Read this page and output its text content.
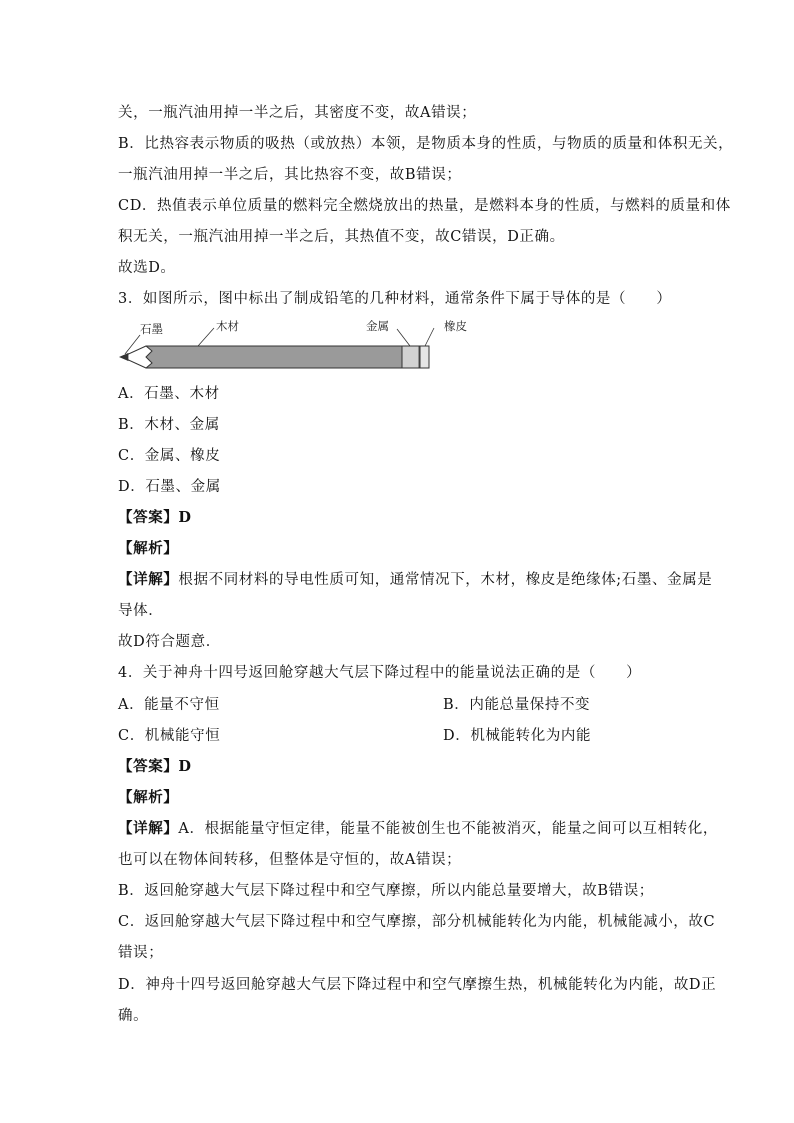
关，一瓶汽油用掉一半之后，其密度不变，故A错误；
B．比热容表示物质的吸热（或放热）本领，是物质本身的性质，与物质的质量和体积无关，
一瓶汽油用掉一半之后，其比热容不变，故B错误；
CD．热值表示单位质量的燃料完全燃烧放出的热量，是燃料本身的性质，与燃料的质量和体
积无关，一瓶汽油用掉一半之后，其热值不变，故C错误，D正确。
故选D。
3．如图所示，图中标出了制成铅笔的几种材料，通常条件下属于导体的是（　　）
石墨	木材	金属	橡皮
A．石墨、木材
B．木材、金属
C．金属、橡皮
D．石墨、金属
【答案】D
【解析】
【详解】根据不同材料的导电性质可知，通常情况下，木材，橡皮是绝缘体;石墨、金属是
导体．
故D符合题意．
4．关于神舟十四号返回舱穿越大气层下降过程中的能量说法正确的是（　　）
A．能量不守恒	B．内能总量保持不变
C．机械能守恒	D．机械能转化为内能
【答案】D
【解析】
【详解】A．根据能量守恒定律，能量不能被创生也不能被消灭，能量之间可以互相转化，
也可以在物体间转移，但整体是守恒的，故A错误；
B．返回舱穿越大气层下降过程中和空气摩擦，所以内能总量要增大，故B错误；
C．返回舱穿越大气层下降过程中和空气摩擦，部分机械能转化为内能，机械能减小，故C
错误；
D．神舟十四号返回舱穿越大气层下降过程中和空气摩擦生热，机械能转化为内能，故D正
确。
